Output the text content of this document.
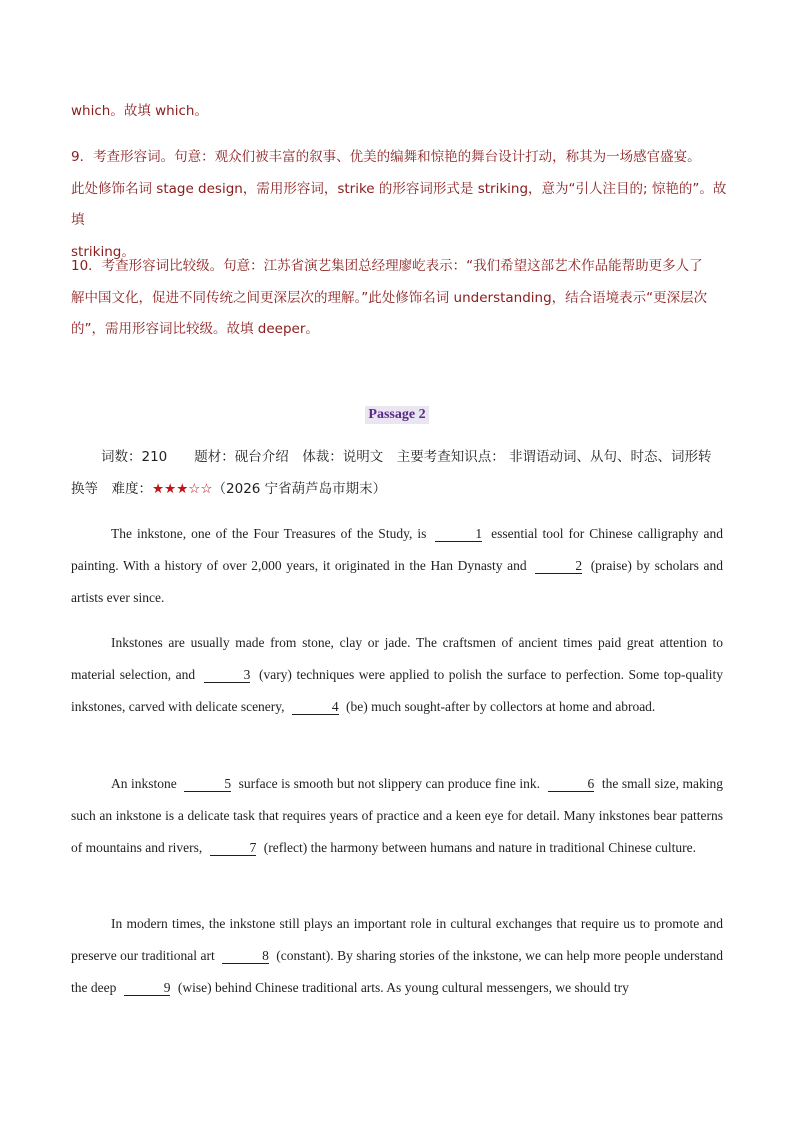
which。故填 which。

9．考查形容词。句意：观众们被丰富的叙事、优美的编舞和惊艳的舞台设计打动，称其为一场感官盛宴。

此处修饰名词 stage design，需用形容词，strike 的形容词形式是 striking，意为“引人注目的; 惊艳的”。故填

striking。

10．考查形容词比较级。句意：江苏省演艺集团总经理廖屹表示：“我们希望这部艺术作品能帮助更多人了

解中国文化，促进不同传统之间更深层次的理解。”此处修饰名词 understanding，结合语境表示“更深层次

的”，需用形容词比较级。故填 deeper。

Passage 2
词数：210　　题材：砚台介绍　体裁：说明文　主要考查知识点： 非谓语动词、从句、时态、词形转
换等　难度：★★★☆☆（2026 宁省葫芦岛市期末）

The inkstone, one of the Four Treasures of the Study, is	1 essential tool for Chinese calligraphy and painting. With a history of over 2,000 years, it originated in the Han Dynasty and	2 (praise) by scholars and artists ever since.

Inkstones are usually made from stone, clay or jade. The craftsmen of ancient times paid great attention to material selection, and	3 (vary) techniques were applied to polish the surface to perfection. Some top-quality inkstones, carved with delicate scenery,	4 (be) much sought-after by collectors at home and abroad.

An inkstone	5 surface is smooth but not slippery can produce fine ink.	6 the small size, making such an inkstone is a delicate task that requires years of practice and a keen eye for detail. Many inkstones bear patterns of mountains and rivers,	7 (reflect) the harmony between humans and nature in traditional Chinese culture.

In modern times, the inkstone still plays an important role in cultural exchanges that require us to promote and preserve our traditional art	8 (constant). By sharing stories of the inkstone, we can help more people understand the deep	9 (wise) behind Chinese traditional arts. As young cultural messengers, we should try
